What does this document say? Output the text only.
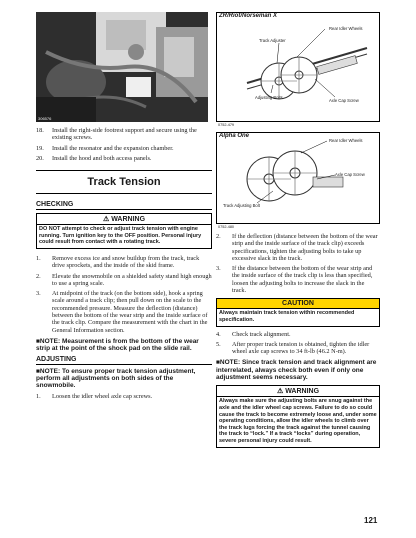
306576
18. Install the right-side footrest support and secure using the existing screws.
19. Install the resonator and the expansion chamber.
20. Install the hood and both access panels.
Track Tension
CHECKING
⚠ WARNING
DO NOT attempt to check or adjust track tension with engine running. Turn ignition key to the OFF position. Personal injury could result from contact with a rotating track.
1. Remove excess ice and snow buildup from the track, track drive sprockets, and the inside of the skid frame.
2. Elevate the snowmobile on a shielded safety stand high enough to use a spring scale.
3. At midpoint of the track (on the bottom side), hook a spring scale around a track clip; then pull down on the scale to the recommended pressure. Measure the deflection (distance) between the bottom of the wear strip and the inside surface of the track clip. Compare the measurement with the chart in the General Information section.
■NOTE: Measurement is from the bottom of the wear strip at the point of the shock pad on the slide rail.
ADJUSTING
■NOTE: To ensure proper track tension adjustment, perform all adjustments on both sides of the snowmobile.
1. Loosen the idler wheel axle cap screws.
ZR/Riot/Norseman X
Rear Idler Wheels
Track Adjuster
Adjusting Bolts
Axle Cap Screw
0752-479
Alpha One
Rear Idler Wheels
Axle Cap Screw
Track Adjusting Bolt
0752-480
2. If the deflection (distance between the bottom of the wear strip and the inside surface of the track clip) exceeds specifications, tighten the adjusting bolts to take up excessive slack in the track.
3. If the distance between the bottom of the wear strip and the inside surface of the track clip is less than specified, loosen the adjusting bolts to increase the slack in the track.
CAUTION
Always maintain track tension within recommended specification.
4. Check track alignment.
5. After proper track tension is obtained, tighten the idler wheel axle cap screws to 34 ft-lb (46.2 N-m).
■NOTE: Since track tension and track alignment are interrelated, always check both even if only one adjustment seems necessary.
⚠ WARNING
Always make sure the adjusting bolts are snug against the axle and the idler wheel cap screws. Failure to do so could cause the track to become extremely loose and, under some operating conditions, allow the idler wheels to climb over the track lugs forcing the track against the tunnel causing the track to “lock.” If a track “locks” during operation, severe personal injury could result.
121
